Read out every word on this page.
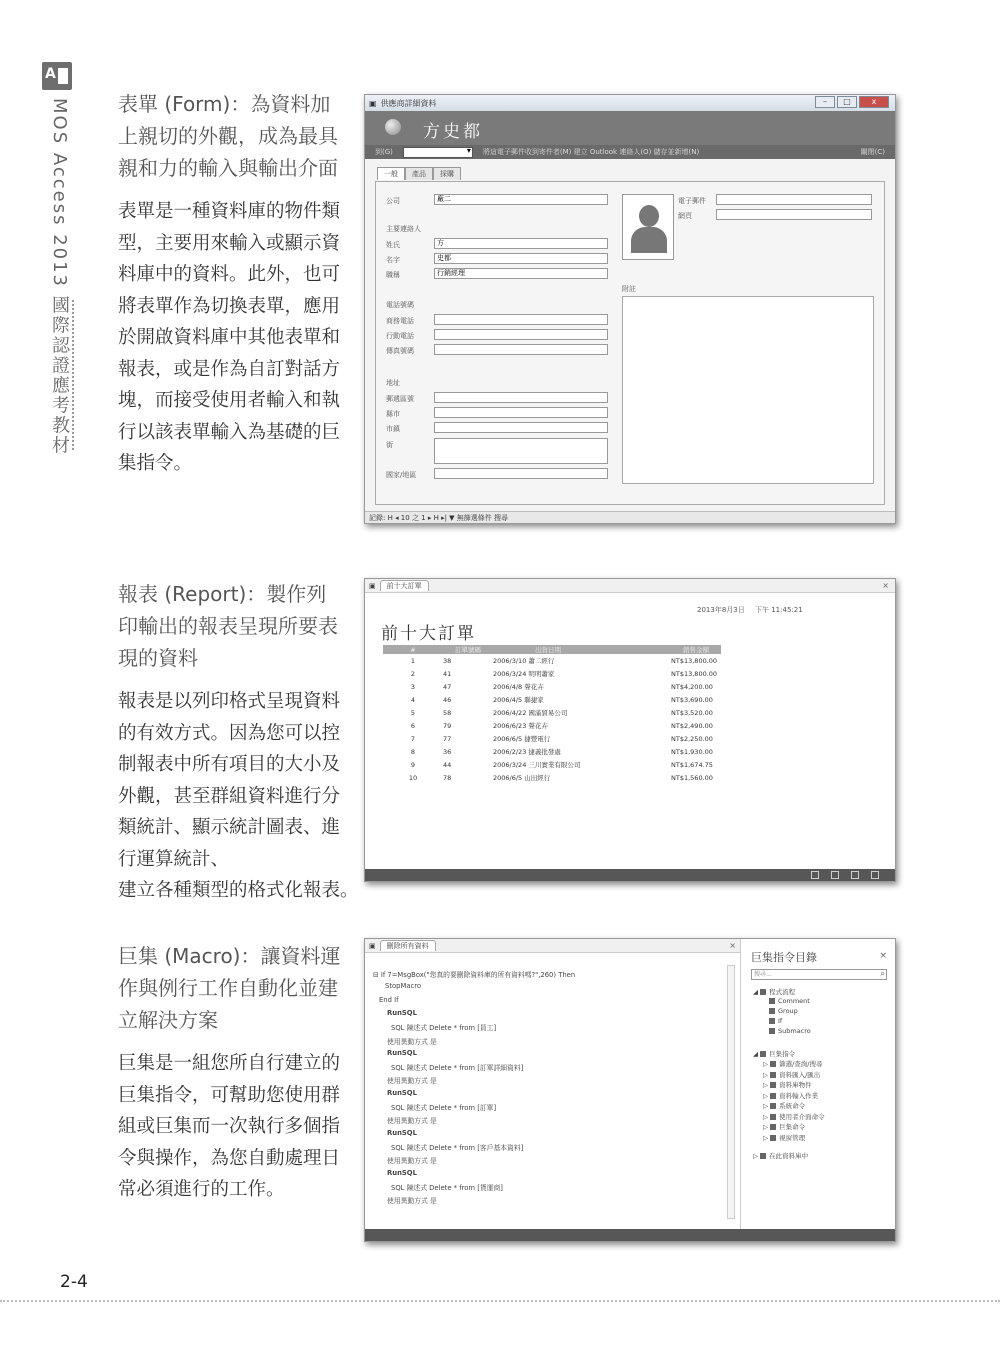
A
MOS Access 2013 國際認證應考教材 表單 (Form)：為資料加上親切的外觀，成為最具親和力的輸入與輸出介面

表單是一種資料庫的物件類型，主要用來輸入或顯示資料庫中的資料。此外，也可將表單作為切換表單，應用於開啟資料庫中其他表單和報表，或是作為自訂對話方塊，而接受使用者輸入和執行以該表單輸入為基礎的巨集指令。

報表 (Report)：製作列印輸出的報表呈現所要表現的資料

報表是以列印格式呈現資料的有效方式。因為您可以控制報表中所有項目的大小及外觀，甚至群組資料進行分類統計、顯示統計圖表、進行運算統計、
建立各種類型的格式化報表。

巨集 (Macro)：讓資料運作與例行工作自動化並建立解決方案

巨集是一組您所自行建立的巨集指令，可幫助您使用群組或巨集而一次執行多個指令與操作，為您自動處理日常必須進行的工作。

▣ 供應商詳細資料	–	□	x
方史都
到(G) ▾	將這電子郵件收到寄件者(M) 建立 Outlook 連絡人(O) 儲存並新增(N)	關閉(C)
一般	產品	採購
公司	廠二
主要連絡人
姓氏	方
名字	史都
職稱	行銷經理
電話號碼
商務電話
行動電話
傳真號碼
地址
郵遞區號
縣市
市鎮
街
國家/地區
電子郵件
網頁
附註
記錄: H ◂ 10 之 1 ▸ H ▸| ▼ 無篩選條件 搜尋
▣	前十大訂單	×
2013年8月3日 下午 11:45:21
前十大訂單
#	訂單號碼	出貨日期		銷售金額
1	38	2006/3/10 蕭二經行		NT$13,800.00
2	41	2006/3/24 明明蕭家		NT$13,800.00
3	47	2006/4/8 聲花卉		NT$4,200.00
4	46	2006/4/5 聯捷家		NT$3,690.00
5	58	2006/4/22 國滿貿易公司		NT$3,520.00
6	79	2006/6/23 聲花卉		NT$2,490.00
7	77	2006/6/5 捷豐電行		NT$2,250.00
8	36	2006/2/23 捷義批發處		NT$1,930.00
9	44	2006/3/24 三川實業有限公司		NT$1,674.75
10	78	2006/6/5 山田經行		NT$1,560.00
▣	刪除所有資料	×
⊟ If 7=MsgBox("您真的要刪除資料庫的所有資料嗎?",260) Then
StopMacro
End If
RunSQL
SQL 陳述式 Delete * from [員工]
使用異動方式 是
RunSQL
SQL 陳述式 Delete * from [訂單詳細資料]
使用異動方式 是
RunSQL
SQL 陳述式 Delete * from [訂單]
使用異動方式 是
RunSQL
SQL 陳述式 Delete * from [客戶基本資料]
使用異動方式 是
RunSQL
SQL 陳述式 Delete * from [貨運商]
使用異動方式 是
巨集指令目錄	×
搜尋...	⌕
◢ 程式流程
Comment
Group
If
Submacro
◢ 巨集指令
▷ 篩選/查詢/搜尋
▷ 資料匯入/匯出
▷ 資料庫物件
▷ 資料輸入作業
▷ 系統命令
▷ 使用者介面命令
▷ 巨集命令
▷ 視窗管理
▷ 在此資料庫中
2-4
